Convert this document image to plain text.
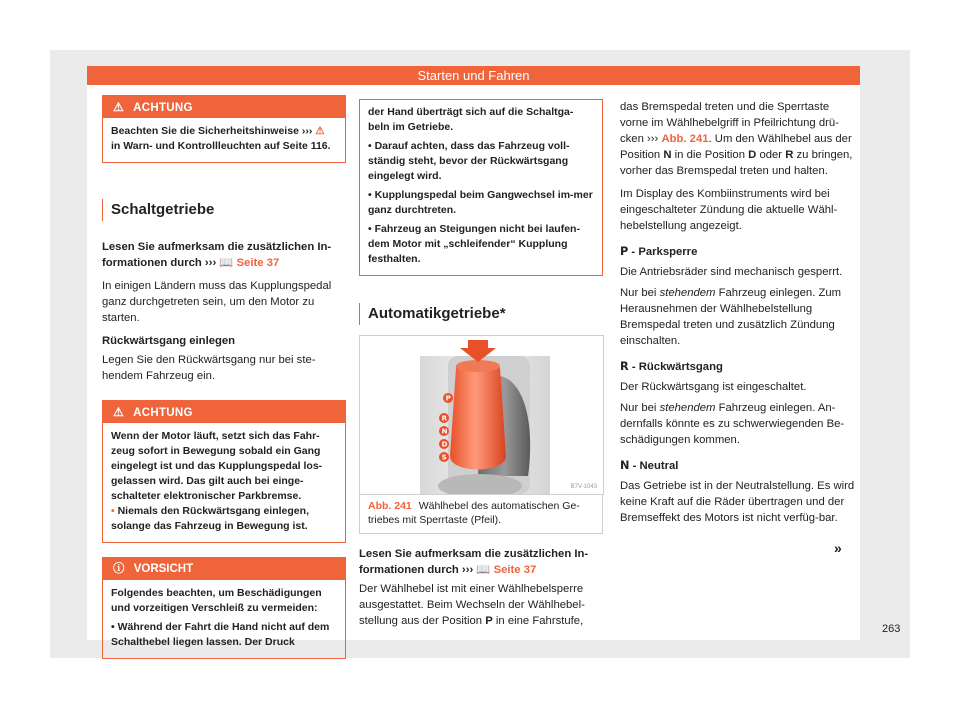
Starten und Fahren
⚠ ACHTUNG
Beachten Sie die Sicherheitshinweise ››› ⚠
in Warn- und Kontrollleuchten auf Seite 116.
Schaltgetriebe

Lesen Sie aufmerksam die zusätzlichen In-
formationen durch ››› 📖 Seite 37

In einigen Ländern muss das Kupplungspedal ganz durchgetreten sein, um den Motor zu starten.

Rückwärtsgang einlegen

Legen Sie den Rückwärtsgang nur bei ste-hendem Fahrzeug ein.

⚠ ACHTUNG

Wenn der Motor läuft, setzt sich das Fahr-zeug sofort in Bewegung sobald ein Gang eingelegt ist und das Kupplungspedal los-gelassen wird. Das gilt auch bei einge-schalteter elektronischer Parkbremse.

• Niemals den Rückwärtsgang einlegen, solange das Fahrzeug in Bewegung ist.

ⓘ VORSICHT

Folgendes beachten, um Beschädigungen und vorzeitigen Verschleiß zu vermeiden:

• Während der Fahrt die Hand nicht auf dem Schalthebel liegen lassen. Der Druck

der Hand überträgt sich auf die Schaltga-beln im Getriebe.

• Darauf achten, dass das Fahrzeug voll-ständig steht, bevor der Rückwärtsgang eingelegt wird.

• Kupplungspedal beim Gangwechsel im-mer ganz durchtreten.

• Fahrzeug an Steigungen nicht bei laufen-dem Motor mit „schleifender“ Kupplung festhalten.

Automatikgetriebe*
P
R
N
D
S
B7V-1043
Abb. 241 Wählhebel des automatischen Ge-triebes mit Sperrtaste (Pfeil).

Lesen Sie aufmerksam die zusätzlichen In-
formationen durch ››› 📖 Seite 37

Der Wählhebel ist mit einer Wählhebelsperre ausgestattet. Beim Wechseln der Wählhebel-stellung aus der Position P in eine Fahrstufe,

das Bremspedal treten und die Sperrtaste vorne im Wählhebelgriff in Pfeilrichtung drü-cken ››› Abb. 241. Um den Wählhebel aus der Position N in die Position D oder R zu bringen, vorher das Bremspedal treten und halten.

Im Display des Kombiinstruments wird bei eingeschalteter Zündung die aktuelle Wähl-hebelstellung angezeigt.

P - Parksperre

Die Antriebsräder sind mechanisch gesperrt.

Nur bei stehendem Fahrzeug einlegen. Zum Herausnehmen der Wählhebelstellung Bremspedal treten und zusätzlich Zündung einschalten.

R - Rückwärtsgang

Der Rückwärtsgang ist eingeschaltet.

Nur bei stehendem Fahrzeug einlegen. An-dernfalls könnte es zu schwerwiegenden Be-schädigungen kommen.

N - Neutral

Das Getriebe ist in der Neutralstellung. Es wird keine Kraft auf die Räder übertragen und der Bremseffekt des Motors ist nicht verfüg-bar.

»
263
